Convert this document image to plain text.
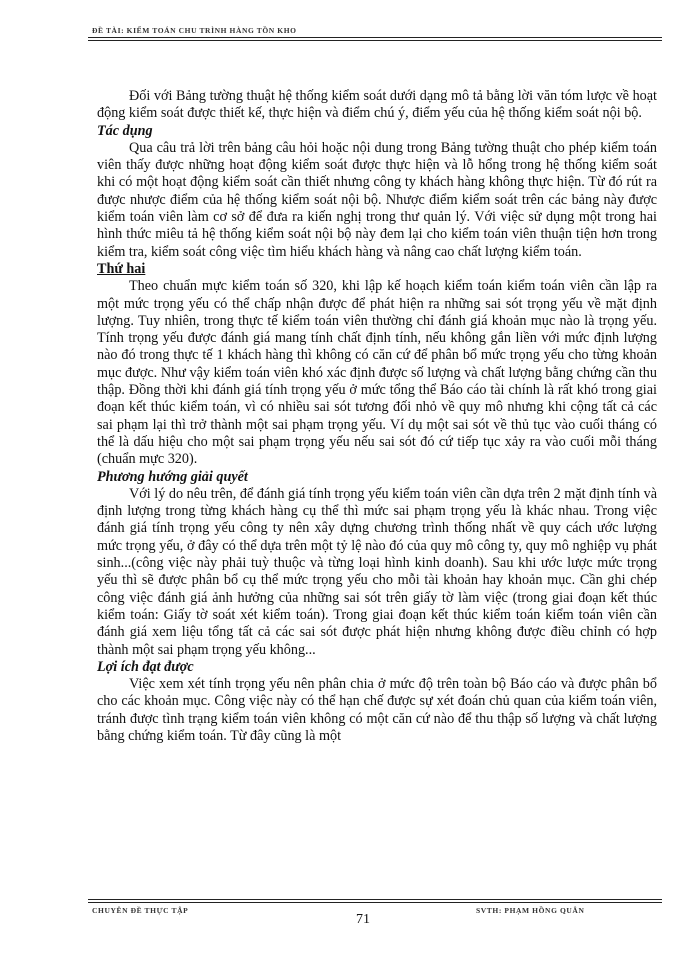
ĐỀ TÀI: KIỂM TOÁN CHU TRÌNH HÀNG TỒN KHO

Đối với Bảng tường thuật hệ thống kiểm soát dưới dạng mô tả bằng lời văn tóm lược về hoạt động kiểm soát được thiết kế, thực hiện và điểm chú ý, điểm yếu của hệ thống kiểm soát nội bộ.

Tác dụng

Qua câu trả lời trên bảng câu hỏi hoặc nội dung trong Bảng tường thuật cho phép kiểm toán viên thấy được những hoạt động kiểm soát được thực hiện và lỗ hổng trong hệ thống kiểm soát khi có một hoạt động kiểm soát cần thiết nhưng công ty khách hàng không thực hiện. Từ đó rút ra được nhược điểm của hệ thống kiểm soát nội bộ. Nhược điểm kiểm soát trên các bảng này được kiểm toán viên làm cơ sở để đưa ra kiến nghị trong thư quản lý. Với việc sử dụng một trong hai hình thức miêu tả hệ thống kiểm soát nội bộ này đem lại cho kiểm toán viên thuận tiện hơn trong kiểm tra, kiểm soát công việc tìm hiểu khách hàng và nâng cao chất lượng kiểm toán.

Thứ hai

Theo chuẩn mực kiểm toán số 320, khi lập kế hoạch kiểm toán kiểm toán viên cần lập ra một mức trọng yếu có thể chấp nhận được để phát hiện ra những sai sót trọng yếu về mặt định lượng. Tuy nhiên, trong thực tế kiểm toán viên thường chỉ đánh giá khoản mục nào là trọng yếu. Tính trọng yếu được đánh giá mang tính chất định tính, nếu không gắn liền với mức định lượng nào đó trong thực tế 1 khách hàng thì không có căn cứ để phân bổ mức trọng yếu cho từng khoản mục được. Như vậy kiểm toán viên khó xác định được số lượng và chất lượng bằng chứng cần thu thập. Đồng thời khi đánh giá tính trọng yếu ở mức tổng thể Báo cáo tài chính là rất khó trong giai đoạn kết thúc kiểm toán, vì có nhiều sai sót tương đối nhỏ về quy mô nhưng khi cộng tất cả các sai phạm lại thì trở thành một sai phạm trọng yếu. Ví dụ một sai sót về thủ tục vào cuối tháng có thể là dấu hiệu cho một sai phạm trọng yếu nếu sai sót đó cứ tiếp tục xảy ra vào cuối mỗi tháng (chuẩn mực 320).

Phương hướng giải quyết

Với lý do nêu trên, để đánh giá tính trọng yếu kiểm toán viên cần dựa trên 2 mặt định tính và định lượng trong từng khách hàng cụ thể thì mức sai phạm trọng yếu là khác nhau. Trong việc đánh giá tính trọng yếu công ty nên xây dựng chương trình thống nhất về quy cách ước lượng mức trọng yếu, ở đây có thể dựa trên một tỷ lệ nào đó của quy mô công ty, quy mô nghiệp vụ phát sinh...(công việc này phải tuỳ thuộc và từng loại hình kinh doanh). Sau khi ước lược mức trọng yếu thì sẽ được phân bổ cụ thể mức trọng yếu cho mỗi tài khoản hay khoản mục. Cần ghi chép công việc đánh giá ảnh hưởng của những sai sót trên giấy tờ làm việc (trong giai đoạn kết thúc kiểm toán: Giấy tờ soát xét kiểm toán). Trong giai đoạn kết thúc kiểm toán kiểm toán viên cần đánh giá xem liệu tổng tất cả các sai sót được phát hiện nhưng không được điều chỉnh có hợp thành một sai phạm trọng yếu không...

Lợi ích đạt được

Việc xem xét tính trọng yếu nên phân chia ở mức độ trên toàn bộ Báo cáo và được phân bổ cho các khoản mục. Công việc này có thể hạn chế được sự xét đoán chủ quan của kiểm toán viên, tránh được tình trạng kiểm toán viên không có một căn cứ nào để thu thập số lượng và chất lượng bằng chứng kiểm toán. Từ đây cũng là một

CHUYÊN ĐỀ THỰC TẬP
71
SVTH: PHẠM HỒNG QUÂN
